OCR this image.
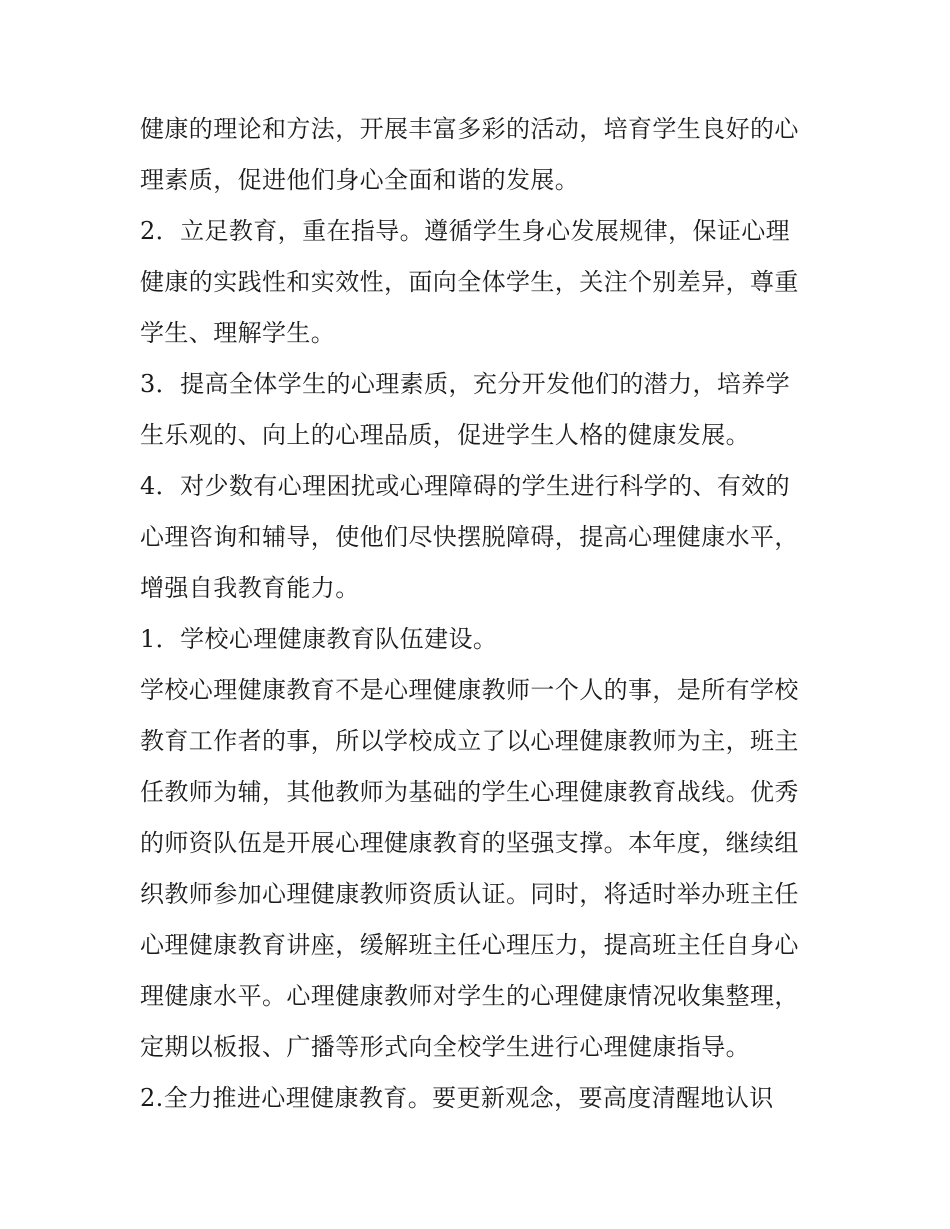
健康的理论和方法，开展丰富多彩的活动，培育学生良好的心
理素质，促进他们身心全面和谐的发展。
2．立足教育，重在指导。遵循学生身心发展规律，保证心理
健康的实践性和实效性，面向全体学生，关注个别差异，尊重
学生、理解学生。
3．提高全体学生的心理素质，充分开发他们的潜力，培养学
生乐观的、向上的心理品质，促进学生人格的健康发展。
4．对少数有心理困扰或心理障碍的学生进行科学的、有效的
心理咨询和辅导，使他们尽快摆脱障碍，提高心理健康水平，
增强自我教育能力。
1．学校心理健康教育队伍建设。
学校心理健康教育不是心理健康教师一个人的事，是所有学校
教育工作者的事，所以学校成立了以心理健康教师为主，班主
任教师为辅，其他教师为基础的学生心理健康教育战线。优秀
的师资队伍是开展心理健康教育的坚强支撑。本年度，继续组
织教师参加心理健康教师资质认证。同时，将适时举办班主任
心理健康教育讲座，缓解班主任心理压力，提高班主任自身心
理健康水平。心理健康教师对学生的心理健康情况收集整理，
定期以板报、广播等形式向全校学生进行心理健康指导。
2.全力推进心理健康教育。要更新观念，要高度清醒地认识
